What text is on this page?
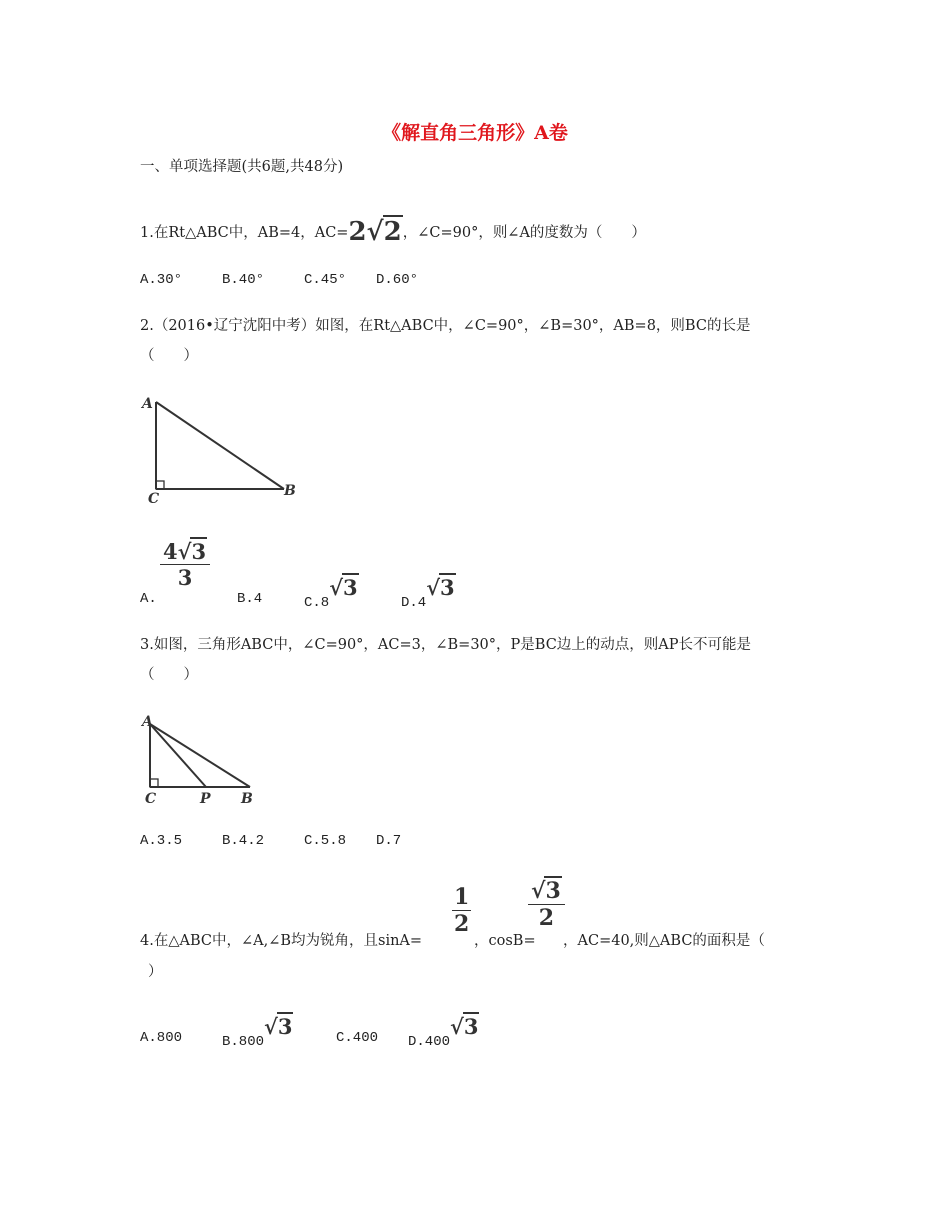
《解直角三角形》A卷
一、单项选择题(共6题,共48分)
1.在Rt△ABC中，AB=4，AC=2√2，∠C=90°，则∠A的度数为（　　）
A.30°	B.40°	C.45° D.60°
2.（2016•辽宁沈阳中考）如图，在Rt△ABC中，∠C=90°，∠B=30°，AB=8，则BC的长是
（　　）
A
C	B
A.
$\frac{4√3}{3}$
B.4	C.8√3
D.4√3
3.如图，三角形ABC中，∠C=90°，AC=3，∠B=30°，P是BC边上的动点，则AP长不可能是
（　　）
A
C	P B
A.3.5	B.4.2	C.5.8 D.7
4.在△ABC中，∠A,∠B均为锐角，且sinA=
$\frac{1}{2}$
，cosB=
$\frac{√3}{2}$
，AC=40,则△ABC的面积是（
）
A.800	B.800√3	C.400 D.400√3
